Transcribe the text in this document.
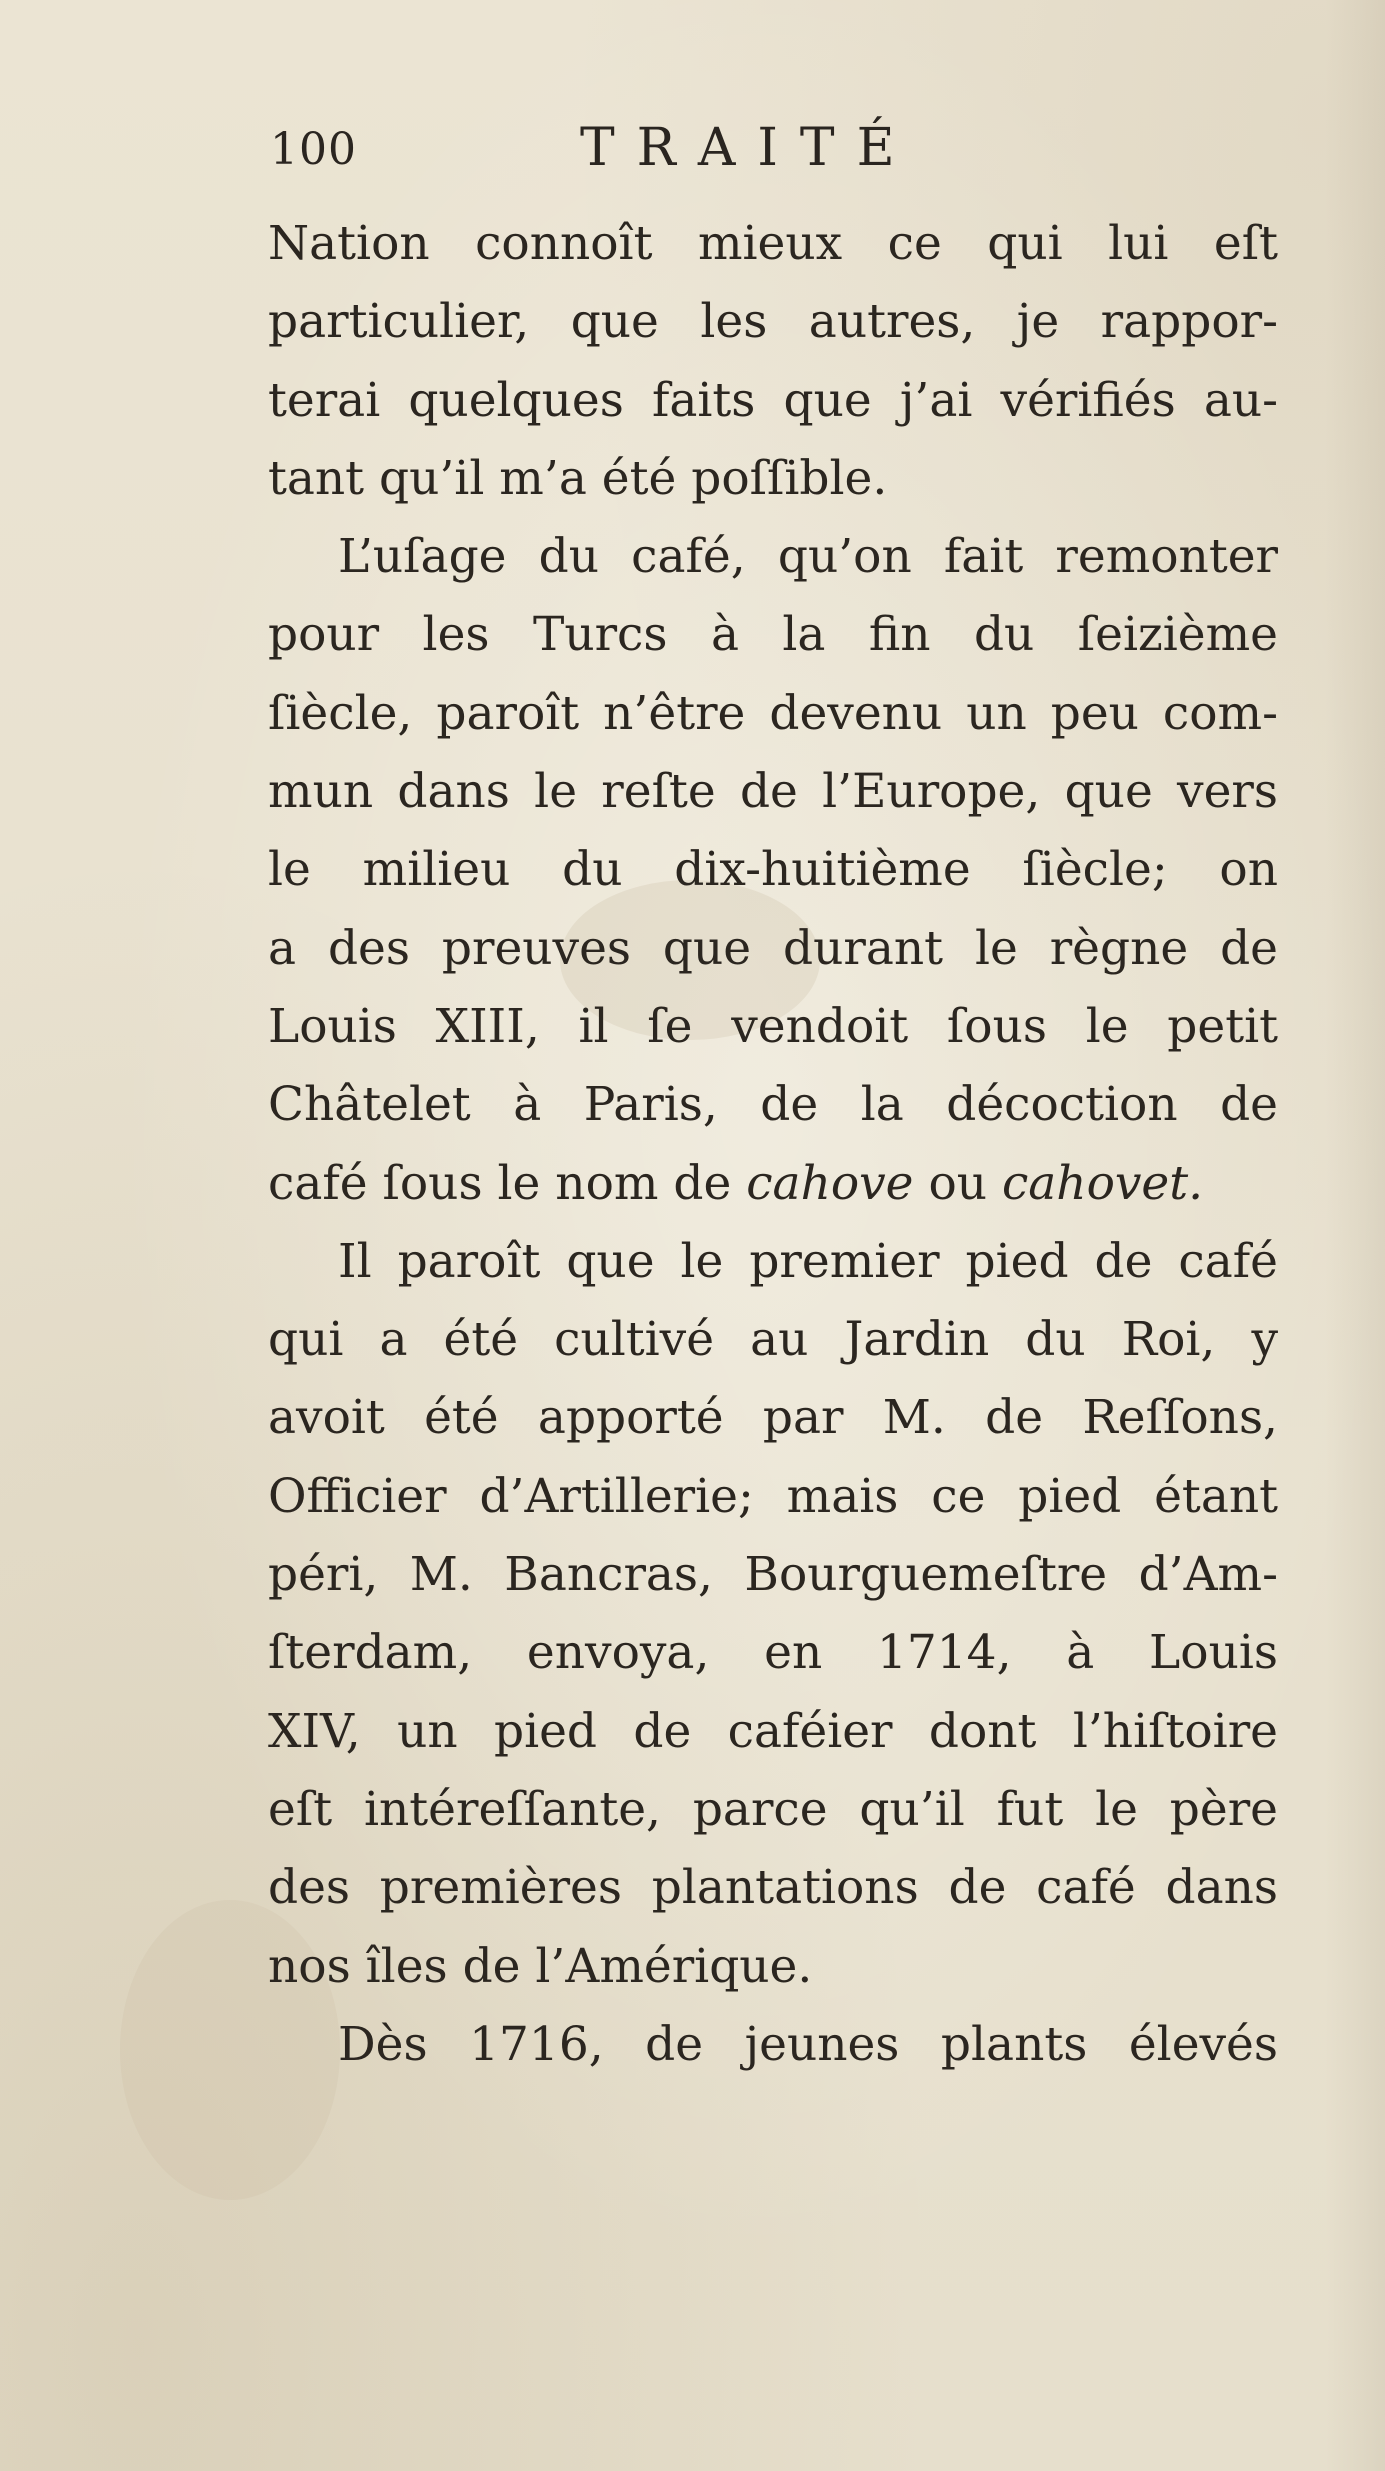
100	TRAITÉ
Nation connoît mieux ce qui lui eſt
particulier, que les autres, je rappor-
terai quelques faits que j’ai vérifiés au-
tant qu’il m’a été poſſible.
L’uſage du café, qu’on fait remonter
pour les Turcs à la fin du ſeizième
ſiècle, paroît n’être devenu un peu com-
mun dans le reſte de l’Europe, que vers
le milieu du dix-huitième ſiècle; on
a des preuves que durant le règne de
Louis XIII, il ſe vendoit ſous le petit
Châtelet à Paris, de la décoction de
café ſous le nom de cahove ou cahovet.
Il paroît que le premier pied de café
qui a été cultivé au Jardin du Roi, y
avoit été apporté par M. de Reſſons,
Officier d’Artillerie; mais ce pied étant
péri, M. Bancras, Bourguemeſtre d’Am-
ſterdam, envoya, en 1714, à Louis
XIV, un pied de caféier dont l’hiſtoire
eſt intéreſſante, parce qu’il fut le père
des premières plantations de café dans
nos îles de l’Amérique.
Dès 1716, de jeunes plants élevés
